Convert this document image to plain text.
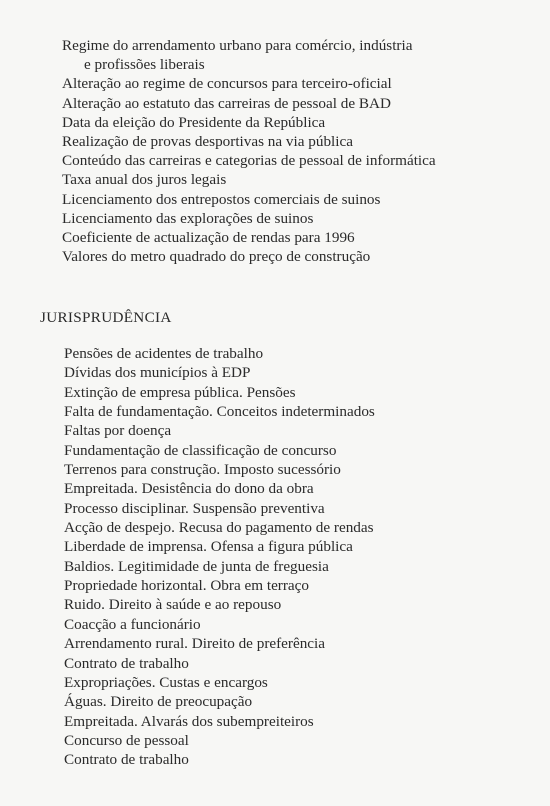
Regime do arrendamento urbano para comércio, indústria
e profissões liberais
Alteração ao regime de concursos para terceiro-oficial
Alteração ao estatuto das carreiras de pessoal de BAD
Data da eleição do Presidente da República
Realização de provas desportivas na via pública
Conteúdo das carreiras e categorias de pessoal de informática
Taxa anual dos juros legais
Licenciamento dos entrepostos comerciais de suinos
Licenciamento das explorações de suinos
Coeficiente de actualização de rendas para 1996
Valores do metro quadrado do preço de construção
JURISPRUDÊNCIA
Pensões de acidentes de trabalho
Dívidas dos municípios à EDP
Extinção de empresa pública. Pensões
Falta de fundamentação. Conceitos indeterminados
Faltas por doença
Fundamentação de classificação de concurso
Terrenos para construção. Imposto sucessório
Empreitada. Desistência do dono da obra
Processo disciplinar. Suspensão preventiva
Acção de despejo. Recusa do pagamento de rendas
Liberdade de imprensa. Ofensa a figura pública
Baldios. Legitimidade de junta de freguesia
Propriedade horizontal. Obra em terraço
Ruido. Direito à saúde e ao repouso
Coacção a funcionário
Arrendamento rural. Direito de preferência
Contrato de trabalho
Expropriações. Custas e encargos
Águas. Direito de preocupação
Empreitada. Alvarás dos subempreiteiros
Concurso de pessoal
Contrato de trabalho
